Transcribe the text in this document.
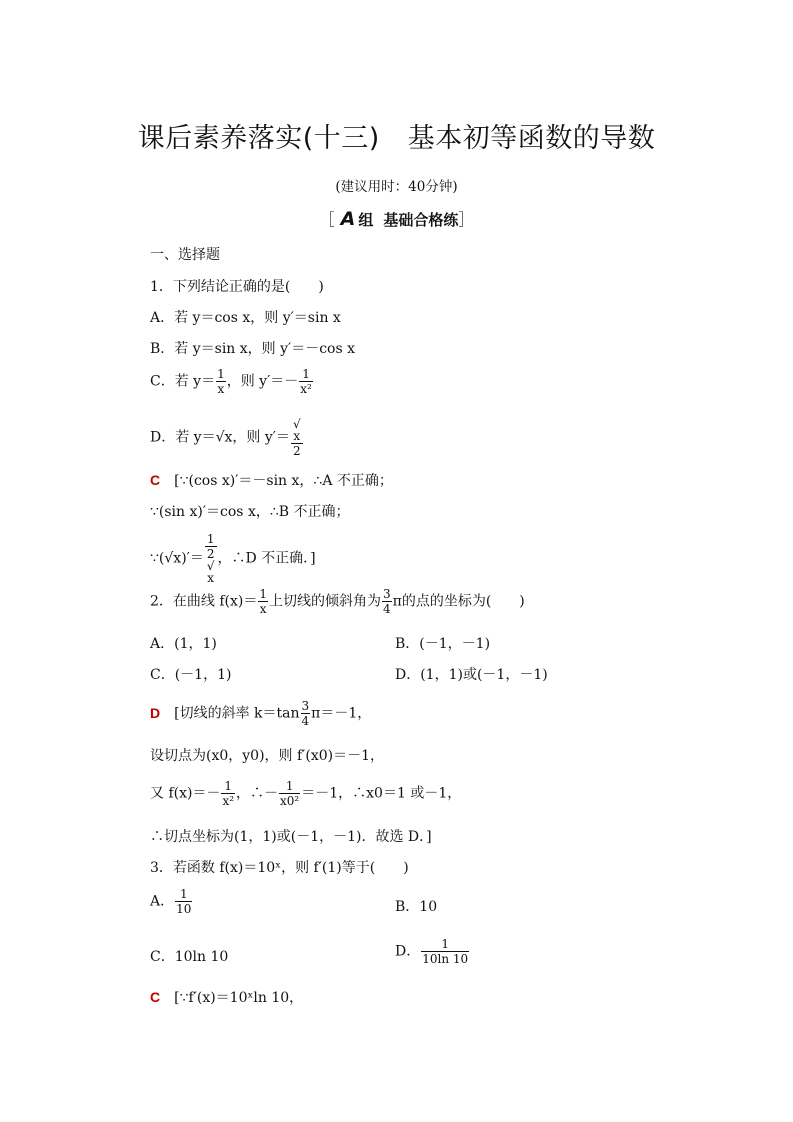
课后素养落实(十三) 基本初等函数的导数
(建议用时：40分钟)
［ A 组 基础合格练］
一、选择题
1．下列结论正确的是(　　)
A．若 y＝cos x，则 y′＝sin x
B．若 y＝sin x，则 y′＝－cos x
C．若 $y= \frac{1}{x}$ ，则 $y'=- \frac{1}{\text{x²}}$
D．若 y＝√x，则 y′＝ √
x
2
C [∵(cos x)′＝－sin x，∴A 不正确；
∵(sin x)′＝cos x，∴B 不正确；
∵(√x)′＝ 1
2
√
x ，∴D 不正确．]
2．在曲线 $f(x)= \frac{1}{x}$ 上切线的倾斜角为 $\frac{3}{4}$ π的点的坐标为(　　)
A．(1，1)	B．(－1，－1)
C．(－1，1)	D．(1，1)或(－1，－1)
D [切线的斜率 $k=\tan \frac{3}{4} \pi=-1$，
设切点为(x0，y0)，则 f′(x0)＝－1，
又 $f(x)=- \frac{1}{\text{x²}}$ ，∴－ $\frac{1}{\text{x0²}} =-1$，∴x0＝1 或－1，
∴切点坐标为(1，1)或(－1，－1)．故选 D．]
3．若函数 f(x)＝10ˣ，则 f′(1)等于(　　)
A． $\frac{1}{10}$	B．10
C．10ln 10	D． $\frac{1}{10\ln 10}$
C [∵f′(x)＝10ˣln 10，
